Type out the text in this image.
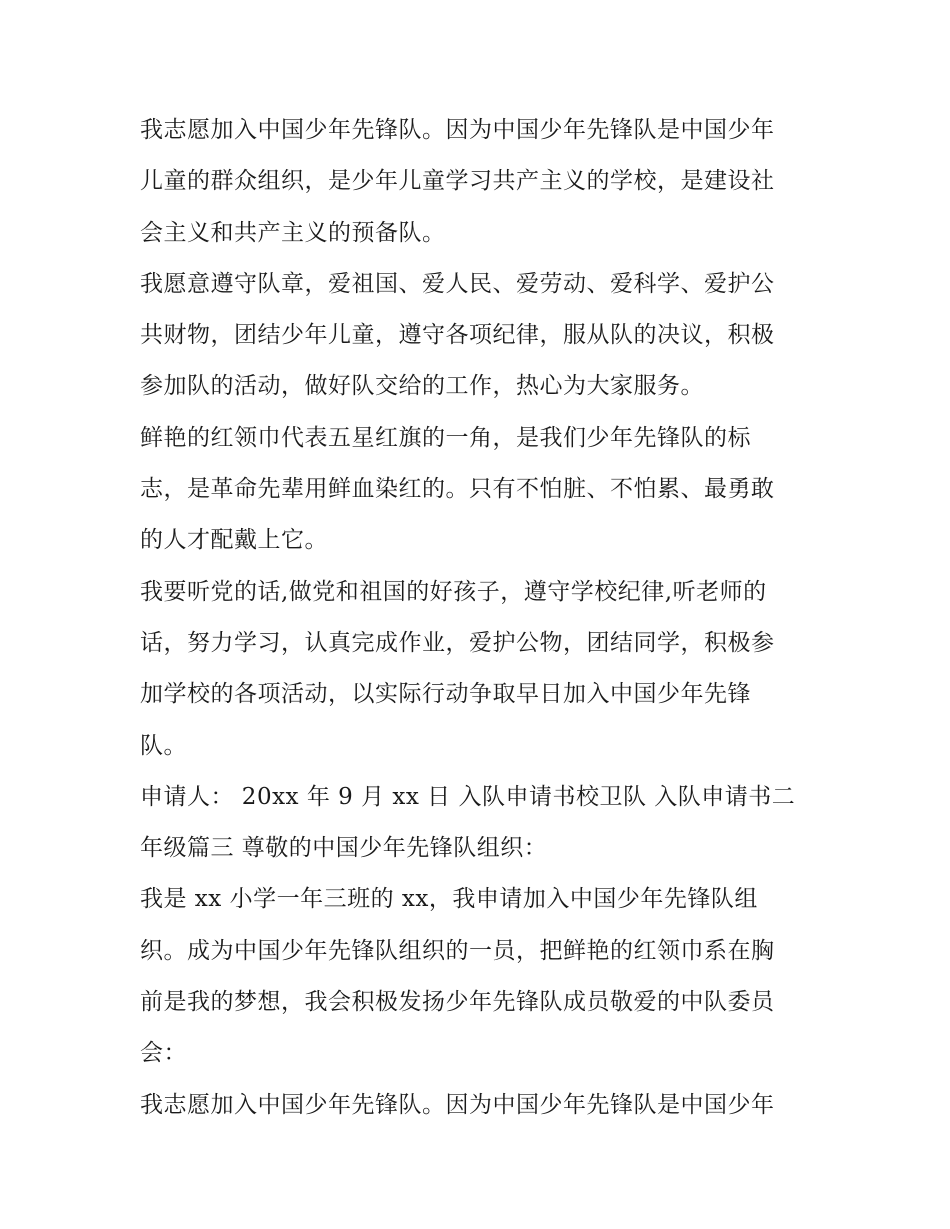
我志愿加入中国少年先锋队。因为中国少年先锋队是中国少年
儿童的群众组织，是少年儿童学习共产主义的学校，是建设社
会主义和共产主义的预备队。
我愿意遵守队章，爱祖国、爱人民、爱劳动、爱科学、爱护公
共财物，团结少年儿童，遵守各项纪律，服从队的决议，积极
参加队的活动，做好队交给的工作，热心为大家服务。
鲜艳的红领巾代表五星红旗的一角，是我们少年先锋队的标
志，是革命先辈用鲜血染红的。只有不怕脏、不怕累、最勇敢
的人才配戴上它。
我要听党的话,做党和祖国的好孩子，遵守学校纪律,听老师的
话，努力学习，认真完成作业，爱护公物，团结同学，积极参
加学校的各项活动，以实际行动争取早日加入中国少年先锋
队。
申请人： 20xx 年 9 月 xx 日 入队申请书校卫队 入队申请书二
年级篇三 尊敬的中国少年先锋队组织：
我是 xx 小学一年三班的 xx，我申请加入中国少年先锋队组
织。成为中国少年先锋队组织的一员，把鲜艳的红领巾系在胸
前是我的梦想，我会积极发扬少年先锋队成员敬爱的中队委员
会：
我志愿加入中国少年先锋队。因为中国少年先锋队是中国少年
